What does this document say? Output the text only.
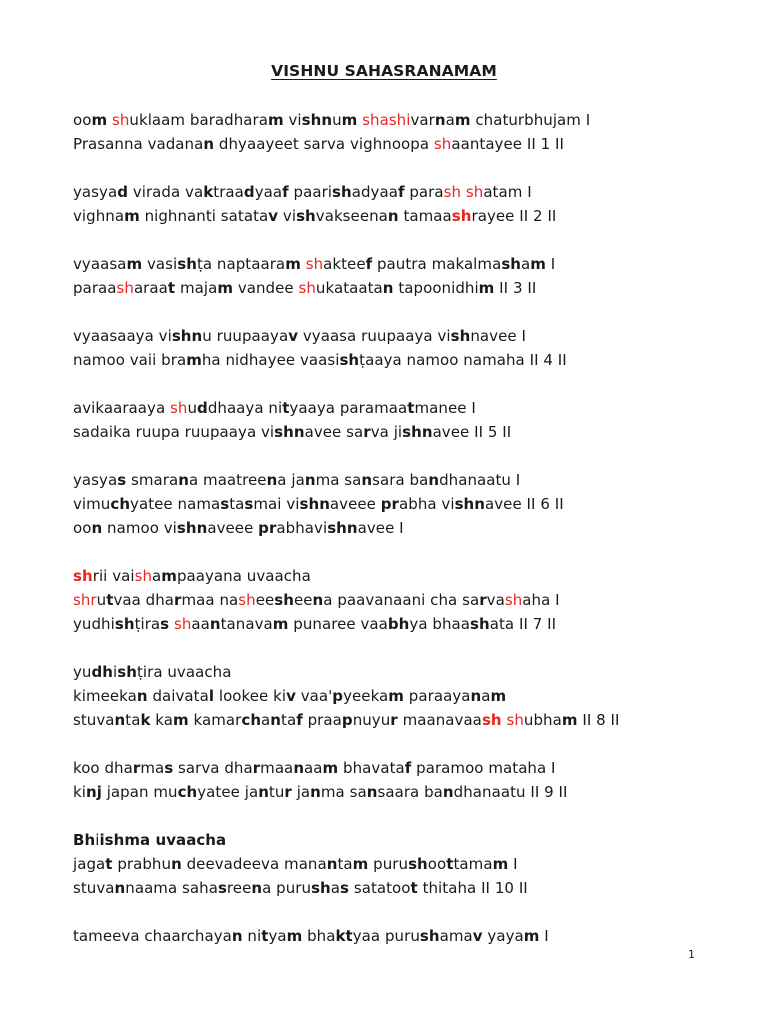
VISHNU SAHASRANAMAM
oom shuklaam baradharam vishnum shashivarnam chaturbhujam I
Prasanna vadanan dhyaayeet sarva vighnoopa shaantayee II 1 II
yasyad virada vaktraadyaaf paarishadyaaf parash shatam I
vighnam nighnanti satatav vishvakseenan tamaashrayee II 2 II
vyaasam vasishṭa naptaaram shakteef pautra makalmasham I
paraasharaat majam vandee shukataatan tapoonidhim II 3 II
vyaasaaya vishnu ruupaayav vyaasa ruupaaya vishnavee I
namoo vaii bramha nidhayee vaasishṭaaya namoo namaha II 4 II
avikaaraaya shuddhaaya nityaaya paramaatmanee I
sadaika ruupa ruupaaya vishnavee sarva jishnavee II 5 II
yasyas smarana maatreena janma sansara bandhanaatu I
vimuchyatee namastasmai vishnaveee prabha vishnavee II 6 II
oon namoo vishnaveee prabhavishnavee I
shrii vaishampaayana uvaacha
shrutvaa dharmaa nasheesheena paavanaani cha sarvashaha I
yudhishṭiras shaantanavam punaree vaabhya bhaashata II 7 II
yudhishṭira uvaacha
kimeekan daivatal lookee kiv vaa'pyeekam paraayanam
stuvantak kam kamarchantaf praapnuyur maanavaash shubham II 8 II
koo dharmas sarva dharmaanaam bhavataf paramoo mataha I
kinj japan muchyatee jantur janma sansaara bandhanaatu II 9 II
Bhiishma uvaacha
jagat prabhun deevadeeva manantam purushoottamam I
stuvannaama sahasreena purushas satatoot thitaha II 10 II
tameeva chaarchayan nityam bhaktyaa purushamav yayam I
1
